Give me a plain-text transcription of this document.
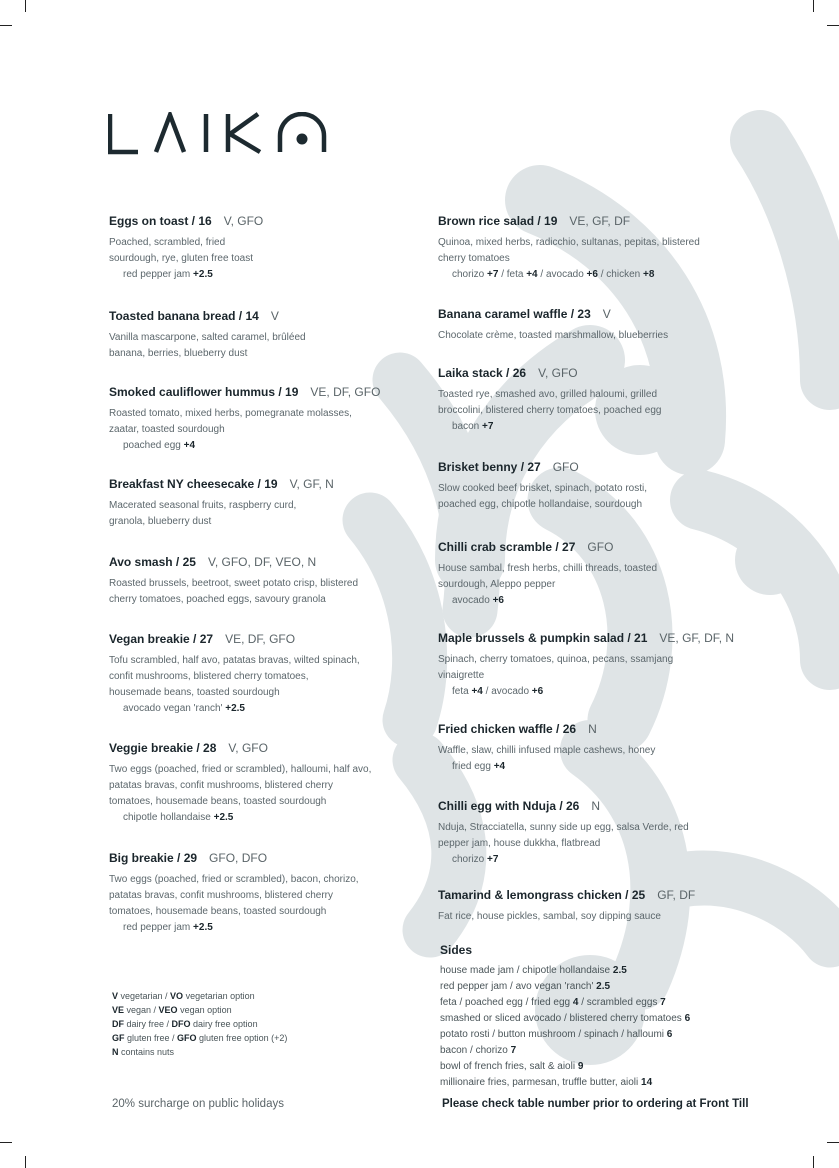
LAIKA
Eggs on toast / 16 V, GFO
Poached, scrambled, fried
sourdough, rye, gluten free toast
red pepper jam +2.5
Toasted banana bread / 14 V
Vanilla mascarpone, salted caramel, brûléed
banana, berries, blueberry dust
Smoked cauliflower hummus / 19 VE, DF, GFO
Roasted tomato, mixed herbs, pomegranate molasses,
zaatar, toasted sourdough
poached egg +4
Breakfast NY cheesecake / 19 V, GF, N
Macerated seasonal fruits, raspberry curd,
granola, blueberry dust
Avo smash / 25 V, GFO, DF, VEO, N
Roasted brussels, beetroot, sweet potato crisp, blistered
cherry tomatoes, poached eggs, savoury granola
Vegan breakie / 27 VE, DF, GFO
Tofu scrambled, half avo, patatas bravas, wilted spinach,
confit mushrooms, blistered cherry tomatoes,
housemade beans, toasted sourdough
avocado vegan 'ranch' +2.5
Veggie breakie / 28 V, GFO
Two eggs (poached, fried or scrambled), halloumi, half avo,
patatas bravas, confit mushrooms, blistered cherry
tomatoes, housemade beans, toasted sourdough
chipotle hollandaise +2.5
Big breakie / 29 GFO, DFO
Two eggs (poached, fried or scrambled), bacon, chorizo,
patatas bravas, confit mushrooms, blistered cherry
tomatoes, housemade beans, toasted sourdough
red pepper jam +2.5
Brown rice salad / 19 VE, GF, DF
Quinoa, mixed herbs, radicchio, sultanas, pepitas, blistered
cherry tomatoes
chorizo +7 / feta +4 / avocado +6 / chicken +8
Banana caramel waffle / 23 V
Chocolate crème, toasted marshmallow, blueberries
Laika stack / 26 V, GFO
Toasted rye, smashed avo, grilled haloumi, grilled
broccolini, blistered cherry tomatoes, poached egg
bacon +7
Brisket benny / 27 GFO
Slow cooked beef brisket, spinach, potato rosti,
poached egg, chipotle hollandaise, sourdough
Chilli crab scramble / 27 GFO
House sambal, fresh herbs, chilli threads, toasted
sourdough, Aleppo pepper
avocado +6
Maple brussels & pumpkin salad / 21 VE, GF, DF, N
Spinach, cherry tomatoes, quinoa, pecans, ssamjang
vinaigrette
feta +4 / avocado +6
Fried chicken waffle / 26 N
Waffle, slaw, chilli infused maple cashews, honey
fried egg +4
Chilli egg with Nduja / 26 N
Nduja, Stracciatella, sunny side up egg, salsa Verde, red
pepper jam, house dukkha, flatbread
chorizo +7
Tamarind & lemongrass chicken / 25 GF, DF
Fat rice, house pickles, sambal, soy dipping sauce
Sides
house made jam / chipotle hollandaise 2.5
red pepper jam / avo vegan 'ranch' 2.5
feta / poached egg / fried egg 4 / scrambled eggs 7
smashed or sliced avocado / blistered cherry tomatoes 6
potato rosti / button mushroom / spinach / halloumi 6
bacon / chorizo 7
bowl of french fries, salt & aioli 9
millionaire fries, parmesan, truffle butter, aioli 14
V vegetarian / VO vegetarian option
VE vegan / VEO vegan option
DF dairy free / DFO dairy free option
GF gluten free / GFO gluten free option (+2)
N contains nuts
20% surcharge on public holidays	Please check table number prior to ordering at Front Till
